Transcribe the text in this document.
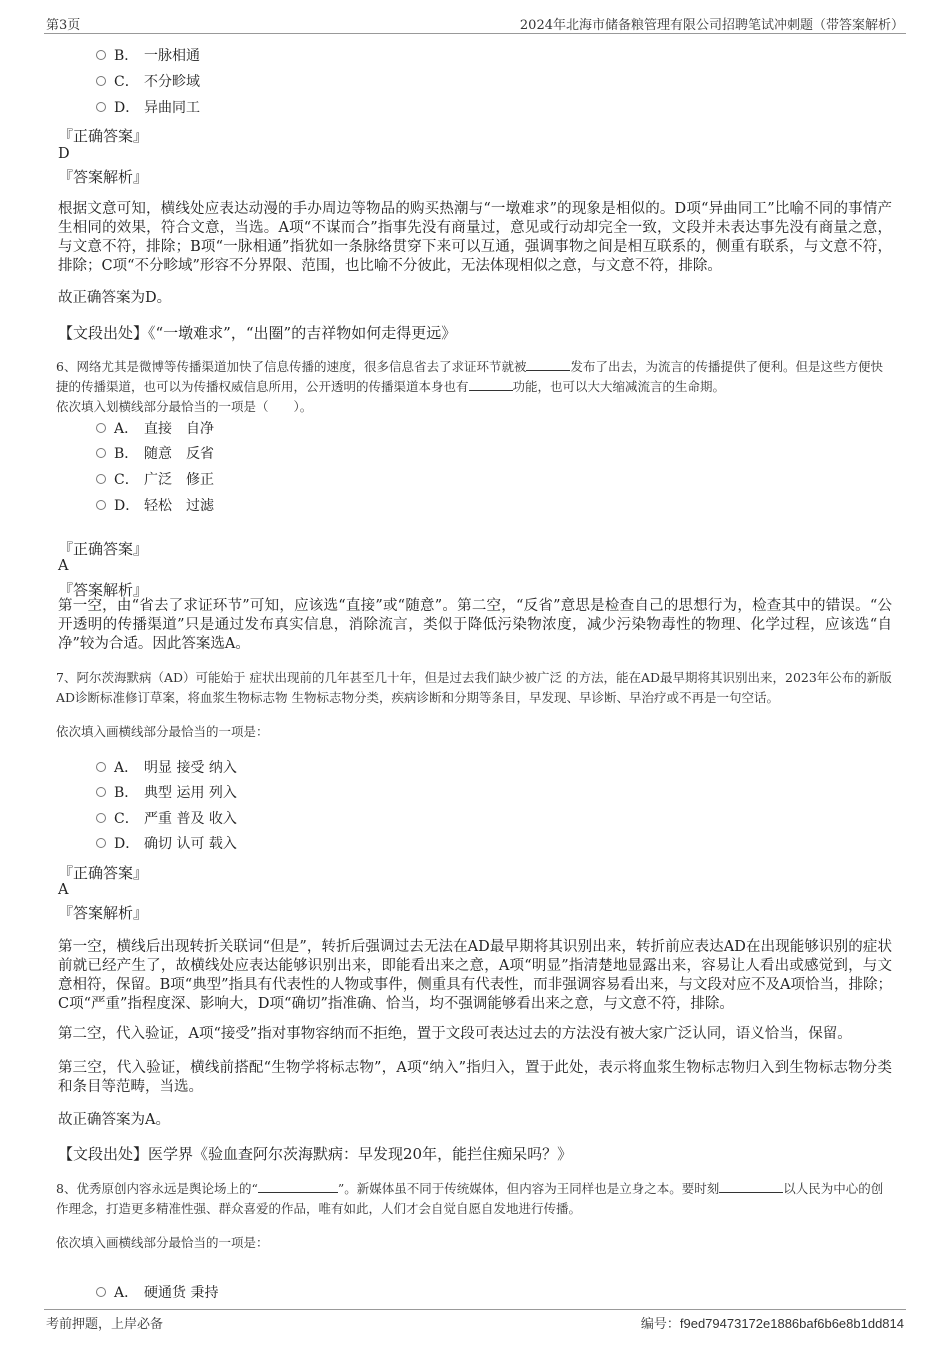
第3页	2024年北海市储备粮管理有限公司招聘笔试冲刺题（带答案解析）
B． 一脉相通
C． 不分畛域
D． 异曲同工
『正确答案』
D
『答案解析』
根据文意可知，横线处应表达动漫的手办周边等物品的购买热潮与“一墩难求”的现象是相似的。D项“异曲同工”比喻不同的事情产生相同的效果，符合文意，当选。A项“不谋而合”指事先没有商量过，意见或行动却完全一致，文段并未表达事先没有商量之意，与文意不符，排除；B项“一脉相通”指犹如一条脉络贯穿下来可以互通，强调事物之间是相互联系的，侧重有联系，与文意不符，排除；C项“不分畛域”形容不分界限、范围，也比喻不分彼此，无法体现相似之意，与文意不符，排除。
故正确答案为D。
【文段出处】《“一墩难求”，“出圈”的吉祥物如何走得更远》
6、网络尤其是微博等传播渠道加快了信息传播的速度，很多信息省去了求证环节就被	发布了出去，为流言的传播提供了便利。但是这些方便快捷的传播渠道，也可以为传播权威信息所用，公开透明的传播渠道本身也有	功能，也可以大大缩减流言的生命期。
依次填入划横线部分最恰当的一项是（　　）。
A． 直接　自净
B． 随意　反省
C． 广泛　修正
D． 轻松　过滤
『正确答案』
A
『答案解析』
第一空，由“省去了求证环节”可知，应该选“直接”或“随意”。第二空，“反省”意思是检查自己的思想行为，检查其中的错误。“公开透明的传播渠道”只是通过发布真实信息，消除流言，类似于降低污染物浓度，减少污染物毒性的物理、化学过程，应该选“自净”较为合适。因此答案选A。
7、阿尔茨海默病（AD）可能始于 症状出现前的几年甚至几十年，但是过去我们缺少被广泛 的方法，能在AD最早期将其识别出来，2023年公布的新版AD诊断标准修订草案，将血浆生物标志物 生物标志物分类，疾病诊断和分期等条目，早发现、早诊断、早治疗或不再是一句空话。
依次填入画横线部分最恰当的一项是：
A． 明显 接受 纳入
B． 典型 运用 列入
C． 严重 普及 收入
D． 确切 认可 载入
『正确答案』
A
『答案解析』
第一空，横线后出现转折关联词“但是”，转折后强调过去无法在AD最早期将其识别出来，转折前应表达AD在出现能够识别的症状前就已经产生了，故横线处应表达能够识别出来，即能看出来之意，A项“明显”指清楚地显露出来，容易让人看出或感觉到，与文意相符，保留。B项“典型”指具有代表性的人物或事件，侧重具有代表性，而非强调容易看出来，与文段对应不及A项恰当，排除；C项“严重”指程度深、影响大，D项“确切”指准确、恰当，均不强调能够看出来之意，与文意不符，排除。
第二空，代入验证，A项“接受”指对事物容纳而不拒绝，置于文段可表达过去的方法没有被大家广泛认同，语义恰当，保留。
第三空，代入验证，横线前搭配“生物学将标志物”，A项“纳入”指归入，置于此处，表示将血浆生物标志物归入到生物标志物分类和条目等范畴，当选。
故正确答案为A。
【文段出处】医学界《验血查阿尔茨海默病：早发现20年，能拦住痴呆吗？》
8、优秀原创内容永远是舆论场上的“	”。新媒体虽不同于传统媒体，但内容为王同样也是立身之本。要时刻	以人民为中心的创作理念，打造更多精准性强、群众喜爱的作品，唯有如此，人们才会自觉自愿自发地进行传播。
依次填入画横线部分最恰当的一项是：
A． 硬通货 秉持
考前押题，上岸必备	编号：f9ed79473172e1886baf6b6e8b1dd814
